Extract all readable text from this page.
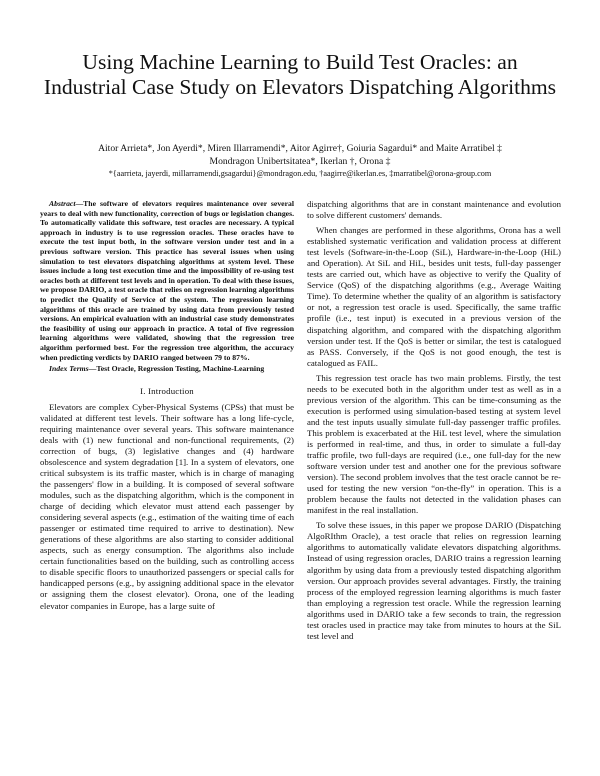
Using Machine Learning to Build Test Oracles: an Industrial Case Study on Elevators Dispatching Algorithms
Aitor Arrieta*, Jon Ayerdi*, Miren Illarramendi*, Aitor Agirre†, Goiuria Sagardui* and Maite Arratibel ‡
Mondragon Unibertsitatea*, Ikerlan †, Orona ‡
*{aarrieta, jayerdi, millarramendi,gsagardui}@mondragon.edu, †aagirre@ikerlan.es, ‡marratibel@orona-group.com

Abstract—The software of elevators requires maintenance over several years to deal with new functionality, correction of bugs or legislation changes. To automatically validate this software, test oracles are necessary. A typical approach in industry is to use regression oracles. These oracles have to execute the test input both, in the software version under test and in a previous software version. This practice has several issues when using simulation to test elevators dispatching algorithms at system level. These issues include a long test execution time and the impossibility of re-using test oracles both at different test levels and in operation. To deal with these issues, we propose DARIO, a test oracle that relies on regression learning algorithms to predict the Qualify of Service of the system. The regression learning algorithms of this oracle are trained by using data from previously tested versions. An empirical evaluation with an industrial case study demonstrates the feasibility of using our approach in practice. A total of five regression learning algorithms were validated, showing that the regression tree algorithm performed best. For the regression tree algorithm, the accuracy when predicting verdicts by DARIO ranged between 79 to 87%.

Index Terms—Test Oracle, Regression Testing, Machine-Learning

I. Introduction

Elevators are complex Cyber-Physical Systems (CPSs) that must be validated at different test levels. Their software has a long life-cycle, requiring maintenance over several years. This software maintenance deals with (1) new functional and non-functional requirements, (2) correction of bugs, (3) legislative changes and (4) hardware obsolescence and system degradation [1]. In a system of elevators, one critical subsystem is its traffic master, which is in charge of managing the passengers' flow in a building. It is composed of several software modules, such as the dispatching algorithm, which is the component in charge of deciding which elevator must attend each passenger by considering several aspects (e.g., estimation of the waiting time of each passenger or estimated time required to arrive to destination). New generations of these algorithms are also starting to consider additional aspects, such as energy consumption. The algorithms also include certain functionalities based on the building, such as controlling access to disable specific floors to unauthorized passengers or special calls for handicapped persons (e.g., by assigning additional space in the elevator or assigning them the closest elevator). Orona, one of the leading elevator companies in Europe, has a large suite of

dispatching algorithms that are in constant maintenance and evolution to solve different customers' demands.

When changes are performed in these algorithms, Orona has a well established systematic verification and validation process at different test levels (Software-in-the-Loop (SiL), Hardware-in-the-Loop (HiL) and Operation). At SiL and HiL, besides unit tests, full-day passenger tests are carried out, which have as objective to verify the Quality of Service (QoS) of the dispatching algorithms (e.g., Average Waiting Time). To determine whether the quality of an algorithm is satisfactory or not, a regression test oracle is used. Specifically, the same traffic profile (i.e., test input) is executed in a previous version of the dispatching algorithm, and compared with the dispatching algorithm version under test. If the QoS is better or similar, the test is catalogued as PASS. Conversely, if the QoS is not good enough, the test is catalogued as FAIL.

This regression test oracle has two main problems. Firstly, the test needs to be executed both in the algorithm under test as well as in a previous version of the algorithm. This can be time-consuming as the execution is performed using simulation-based testing at system level and the test inputs usually simulate full-day passenger traffic profiles. This problem is exacerbated at the HiL test level, where the simulation is performed in real-time, and thus, in order to simulate a full-day traffic profile, two full-days are required (i.e., one full-day for the new software version under test and another one for the previous software version). The second problem involves that the test oracle cannot be re-used for testing the new version “on-the-fly” in operation. This is a problem because the faults not detected in the validation phases can manifest in the real installation.

To solve these issues, in this paper we propose DARIO (Dispatching AlgoRIthm Oracle), a test oracle that relies on regression learning algorithms to automatically validate elevators dispatching algorithms. Instead of using regression oracles, DARIO trains a regression learning algorithm by using data from a previously tested dispatching algorithm version. Our approach provides several advantages. Firstly, the training process of the employed regression learning algorithms is much faster than employing a regression test oracle. While the regression learning algorithms used in DARIO take a few seconds to train, the regression test oracles used in practice may take from minutes to hours at the SiL test level and
